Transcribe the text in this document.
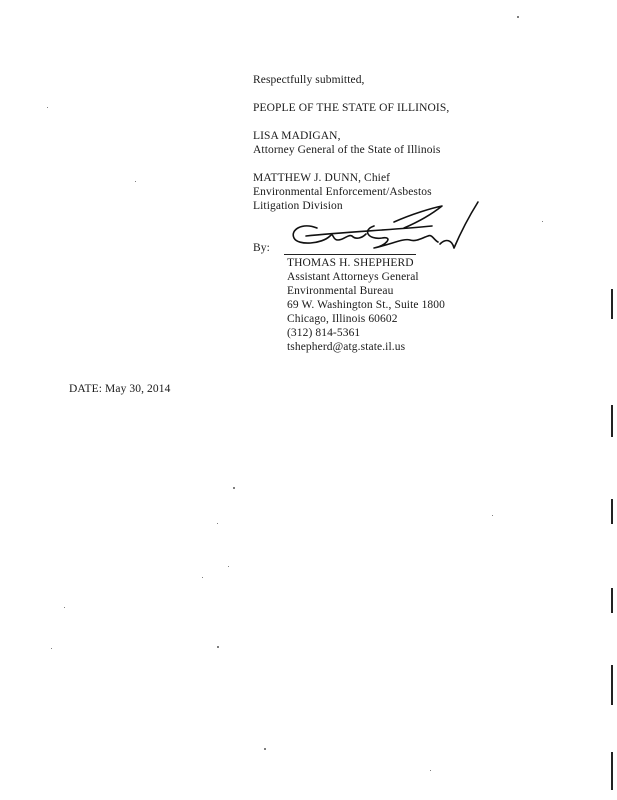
Respectfully submitted,
PEOPLE OF THE STATE OF ILLINOIS,
LISA MADIGAN,
Attorney General of the State of Illinois
MATTHEW J. DUNN, Chief
Environmental Enforcement/Asbestos
Litigation Division
By:
THOMAS H. SHEPHERD
Assistant Attorneys General
Environmental Bureau
69 W. Washington St., Suite 1800
Chicago, Illinois 60602
(312) 814-5361
tshepherd@atg.state.il.us
DATE: May 30, 2014
